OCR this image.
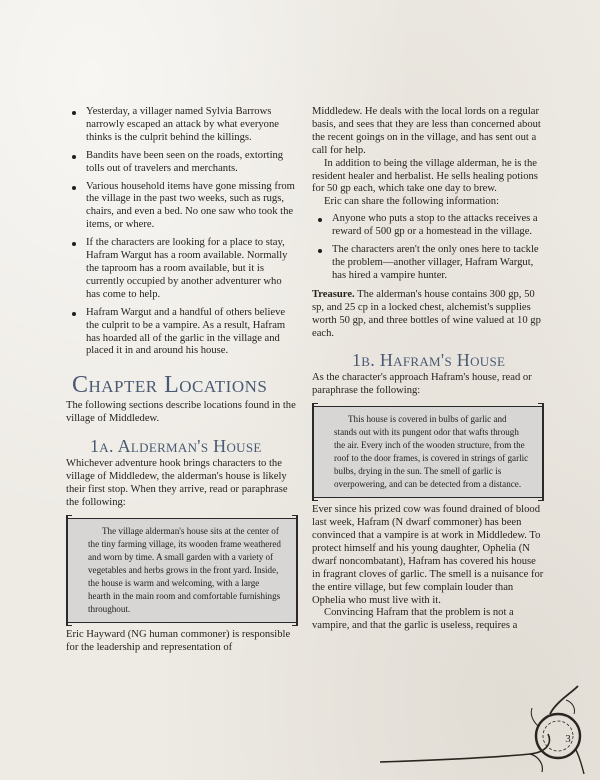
Yesterday, a villager named Sylvia Barrows narrowly escaped an attack by what everyone thinks is the culprit behind the killings.
Bandits have been seen on the roads, extorting tolls out of travelers and merchants.
Various household items have gone missing from the village in the past two weeks, such as rugs, chairs, and even a bed. No one saw who took the items, or where.
If the characters are looking for a place to stay, Hafram Wargut has a room available. Normally the taproom has a room available, but it is currently occupied by another adventurer who has come to help.
Hafram Wargut and a handful of others believe the culprit to be a vampire. As a result, Hafram has hoarded all of the garlic in the village and placed it in and around his house.
Chapter Locations

The following sections describe locations found in the village of Middledew.

1a. Alderman's House

Whichever adventure hook brings characters to the village of Middledew, the alderman's house is likely their first stop. When they arrive, read or paraphrase the following:

The village alderman's house sits at the center of the tiny farming village, its wooden frame weathered and worn by time. A small garden with a variety of vegetables and herbs grows in the front yard. Inside, the house is warm and welcoming, with a large hearth in the main room and comfortable furnishings throughout.

Eric Hayward (NG human commoner) is responsible for the leadership and representation of

Middledew. He deals with the local lords on a regular basis, and sees that they are less than concerned about the recent goings on in the village, and has sent out a call for help.

In addition to being the village alderman, he is the resident healer and herbalist. He sells healing potions for 50 gp each, which take one day to brew.

Eric can share the following information:

Anyone who puts a stop to the attacks receives a reward of 500 gp or a homestead in the village.
The characters aren't the only ones here to tackle the problem—another villager, Hafram Wargut, has hired a vampire hunter.

Treasure. The alderman's house contains 300 gp, 50 sp, and 25 cp in a locked chest, alchemist's supplies worth 50 gp, and three bottles of wine valued at 10 gp each.

1b. Hafram's House

As the character's approach Hafram's house, read or paraphrase the following:

This house is covered in bulbs of garlic and stands out with its pungent odor that wafts through the air. Every inch of the wooden structure, from the roof to the door frames, is covered in strings of garlic bulbs, drying in the sun. The smell of garlic is overpowering, and can be detected from a distance.

Ever since his prized cow was found drained of blood last week, Hafram (N dwarf commoner) has been convinced that a vampire is at work in Middledew. To protect himself and his young daughter, Ophelia (N dwarf noncombatant), Hafram has covered his house in fragrant cloves of garlic. The smell is a nuisance for the entire village, but few complain louder than Ophelia who must live with it.

Convincing Hafram that the problem is not a vampire, and that the garlic is useless, requires a

3
